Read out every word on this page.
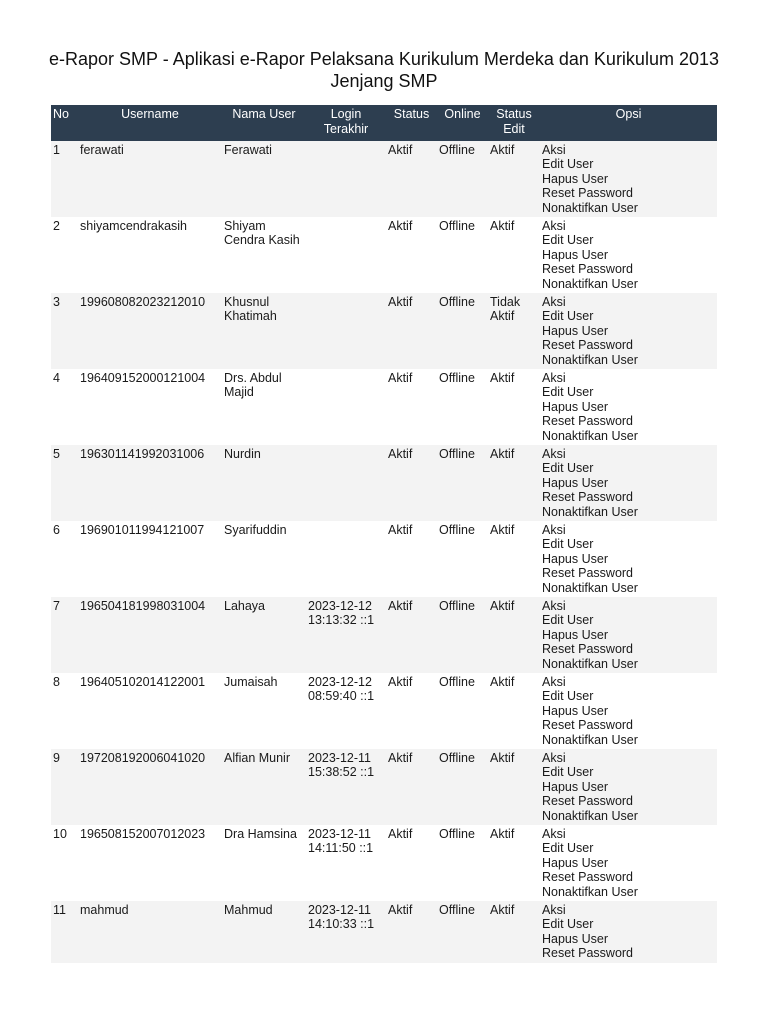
e-Rapor SMP - Aplikasi e-Rapor Pelaksana Kurikulum Merdeka dan Kurikulum 2013 Jenjang SMP
No	Username	Nama User	Login Terakhir	Status	Online	Status Edit	Opsi
1	ferawati	Ferawati		Aktif	Offline	Aktif	Aksi
Edit User
Hapus User
Reset Password
Nonaktifkan User

2	shiyamcendrakasih	Shiyam Cendra Kasih		Aktif	Offline	Aktif	Aksi
Edit User
Hapus User
Reset Password
Nonaktifkan User

3	199608082023212010	Khusnul Khatimah		Aktif	Offline	Tidak Aktif	Aksi
Edit User
Hapus User
Reset Password
Nonaktifkan User

4	196409152000121004	Drs. Abdul Majid		Aktif	Offline	Aktif	Aksi
Edit User
Hapus User
Reset Password
Nonaktifkan User

5	196301141992031006	Nurdin		Aktif	Offline	Aktif	Aksi
Edit User
Hapus User
Reset Password
Nonaktifkan User

6	196901011994121007	Syarifuddin		Aktif	Offline	Aktif	Aksi
Edit User
Hapus User
Reset Password
Nonaktifkan User

7	196504181998031004	Lahaya	2023-12-12 13:13:32 ::1	Aktif	Offline	Aktif	Aksi
Edit User
Hapus User
Reset Password
Nonaktifkan User

8	196405102014122001	Jumaisah	2023-12-12 08:59:40 ::1	Aktif	Offline	Aktif	Aksi
Edit User
Hapus User
Reset Password
Nonaktifkan User

9	197208192006041020	Alfian Munir	2023-12-11 15:38:52 ::1	Aktif	Offline	Aktif	Aksi
Edit User
Hapus User
Reset Password
Nonaktifkan User

10	196508152007012023	Dra Hamsina	2023-12-11 14:11:50 ::1	Aktif	Offline	Aktif	Aksi
Edit User
Hapus User
Reset Password
Nonaktifkan User

11	mahmud	Mahmud	2023-12-11 14:10:33 ::1	Aktif	Offline	Aktif	Aksi
Edit User
Hapus User
Reset Password
